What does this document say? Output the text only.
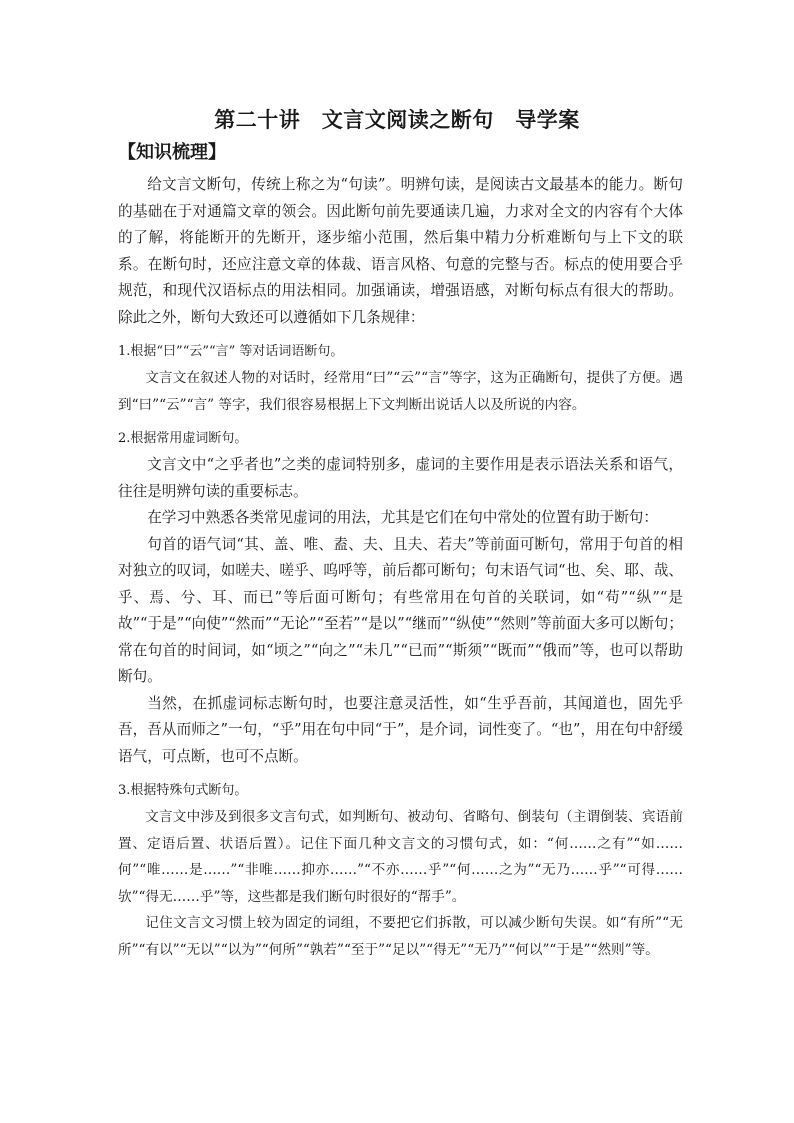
第二十讲　文言文阅读之断句　导学案
【知识梳理】

给文言文断句，传统上称之为“句读”。明辨句读，是阅读古文最基本的能力。断句的基础在于对通篇文章的领会。因此断句前先要通读几遍，力求对全文的内容有个大体的了解，将能断开的先断开，逐步缩小范围，然后集中精力分析难断句与上下文的联系。在断句时，还应注意文章的体裁、语言风格、句意的完整与否。标点的使用要合乎规范，和现代汉语标点的用法相同。加强诵读，增强语感，对断句标点有很大的帮助。除此之外，断句大致还可以遵循如下几条规律：

1.根据“曰”“云”“言” 等对话词语断句。

文言文在叙述人物的对话时，经常用“曰”“云”“言”等字，这为正确断句，提供了方便。遇到“曰”“云”“言” 等字，我们很容易根据上下文判断出说话人以及所说的内容。

2.根据常用虚词断句。

文言文中“之乎者也”之类的虚词特别多，虚词的主要作用是表示语法关系和语气，往往是明辨句读的重要标志。

在学习中熟悉各类常见虚词的用法，尤其是它们在句中常处的位置有助于断句：

句首的语气词“其、盖、唯、盍、夫、且夫、若夫”等前面可断句，常用于句首的相对独立的叹词，如嗟夫、嗟乎、呜呼等，前后都可断句；句末语气词“也、矣、耶、哉、乎、焉、兮、耳、而已”等后面可断句；有些常用在句首的关联词，如“苟”“纵”“是故”“于是”“向使”“然而”“无论”“至若”“是以”“继而”“纵使”“然则”等前面大多可以断句；常在句首的时间词，如“顷之”“向之”“未几”“已而”“斯须”“既而”“俄而”等，也可以帮助断句。

当然，在抓虚词标志断句时，也要注意灵活性，如“生乎吾前，其闻道也，固先乎吾，吾从而师之”一句，“乎”用在句中同“于”，是介词，词性变了。“也”，用在句中舒缓语气，可点断，也可不点断。

3.根据特殊句式断句。

文言文中涉及到很多文言句式，如判断句、被动句、省略句、倒装句（主谓倒装、宾语前置、定语后置、状语后置）。记住下面几种文言文的习惯句式，如：“何……之有”“如……何”“唯……是……”“非唯……抑亦……”“不亦……乎”“何……之为”“无乃……乎”“可得……欤”“得无……乎”等，这些都是我们断句时很好的“帮手”。

记住文言文习惯上较为固定的词组，不要把它们拆散，可以减少断句失误。如“有所”“无所”“有以”“无以”“以为”“何所”“孰若”“至于”“足以”“得无”“无乃”“何以”“于是”“然则”等。
